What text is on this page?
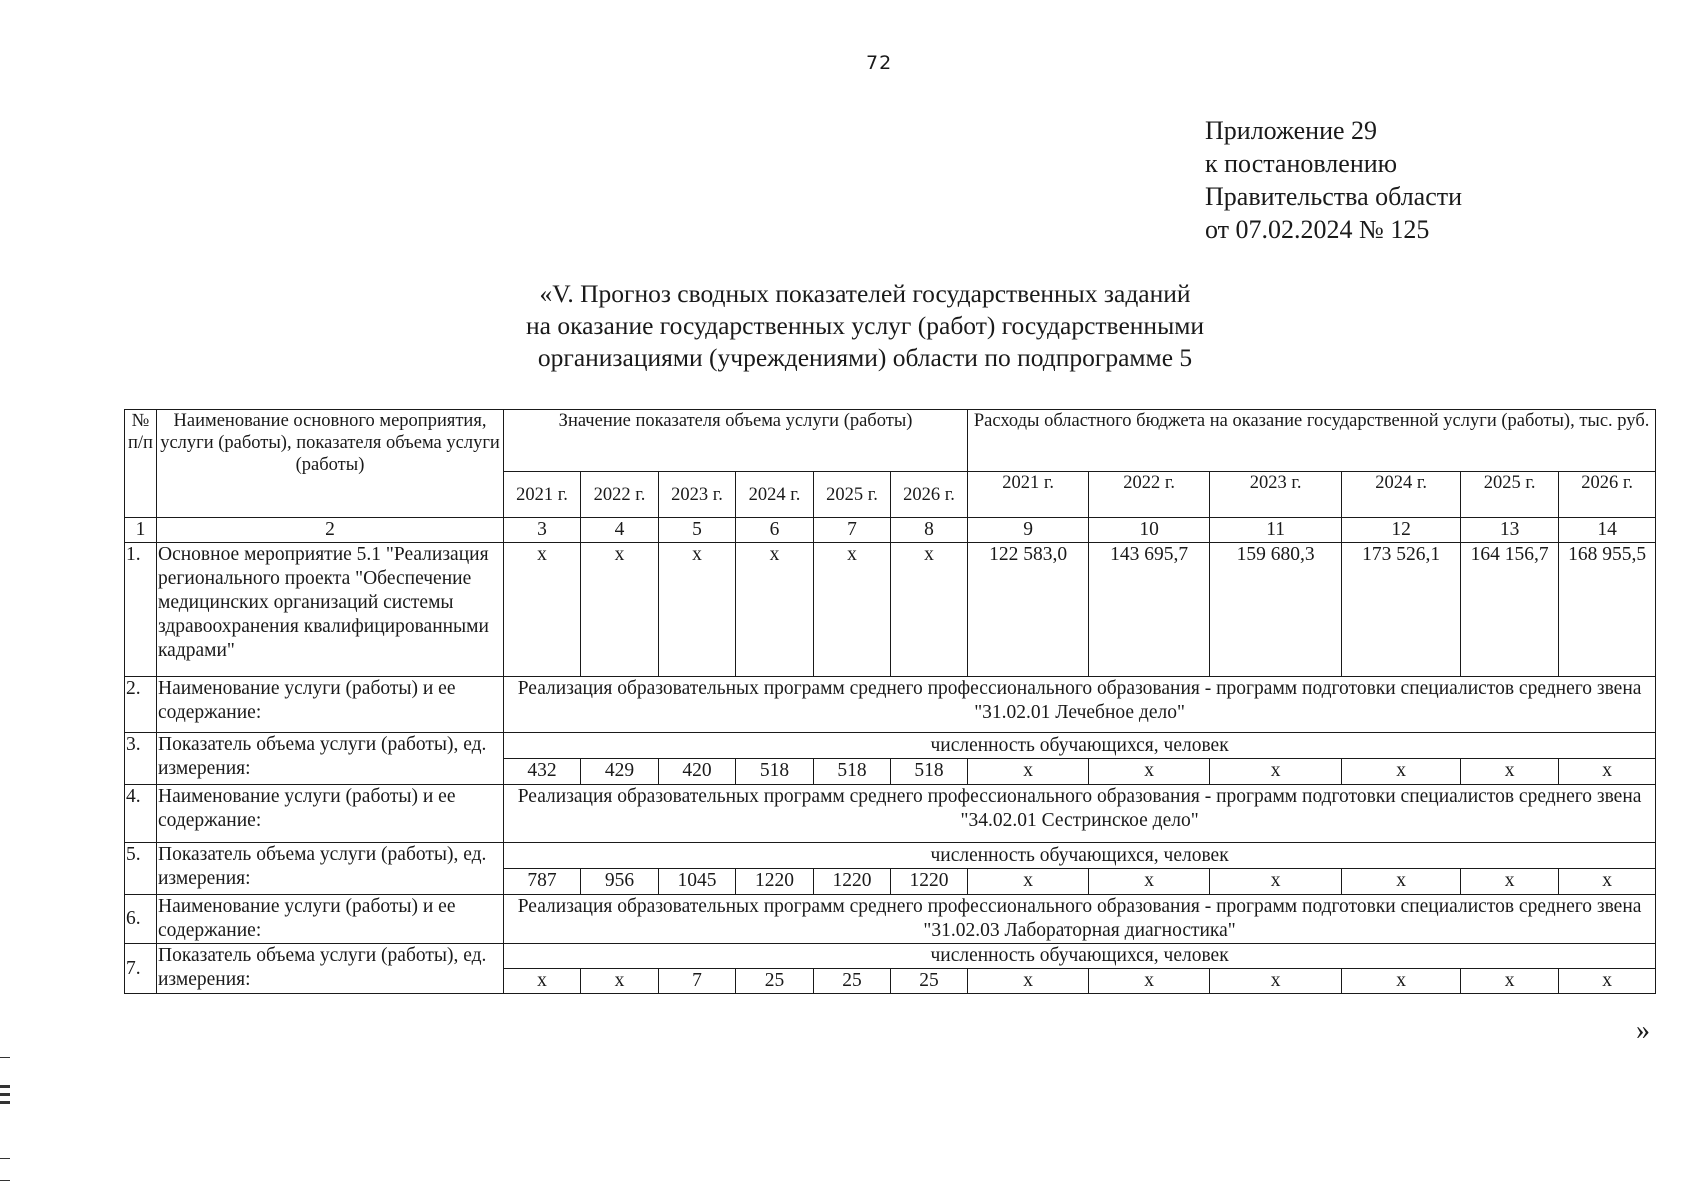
72
Приложение 29
к постановлению
Правительства области
от 07.02.2024 № 125
«V. Прогноз сводных показателей государственных заданий
на оказание государственных услуг (работ) государственными
организациями (учреждениями) области по подпрограмме 5
№ п/п	Наименование основного мероприятия, услуги (работы), показателя объема услуги (работы)	Значение показателя объема услуги (работы)						Расходы областного бюджета на оказание государственной услуги (работы), тыс. руб.					
		2021 г.	2022 г.	2023 г.	2024 г.	2025 г.	2026 г.	2021 г.	2022 г.	2023 г.	2024 г.	2025 г.	2026 г.
1	2	3	4	5	6	7	8	9	10	11	12	13	14
1.	Основное мероприятие 5.1 "Реализация регионального проекта "Обеспечение медицинских организаций системы здравоохранения квалифицированными кадрами"	х	х	х	х	х	х	122 583,0	143 695,7	159 680,3	173 526,1	164 156,7	168 955,5
2.	Наименование услуги (работы) и ее содержание:	Реализация образовательных программ среднего профессионального образования - программ подготовки специалистов среднего звена "31.02.01 Лечебное дело"											
3.	Показатель объема услуги (работы), ед. измерения:	численность обучающихся, человек											
		432	429	420	518	518	518	х	х	х	х	х	х
4.	Наименование услуги (работы) и ее содержание:	Реализация образовательных программ среднего профессионального образования - программ подготовки специалистов среднего звена "34.02.01 Сестринское дело"											
5.	Показатель объема услуги (работы), ед. измерения:	численность обучающихся, человек											
		787	956	1045	1220	1220	1220	х	х	х	х	х	х
6.	Наименование услуги (работы) и ее содержание:	Реализация образовательных программ среднего профессионального образования - программ подготовки специалистов среднего звена "31.02.03 Лабораторная диагностика"											
7.	Показатель объема услуги (работы), ед. измерения:	численность обучающихся, человек											
		х	х	7	25	25	25	х	х	х	х	х	х
»
